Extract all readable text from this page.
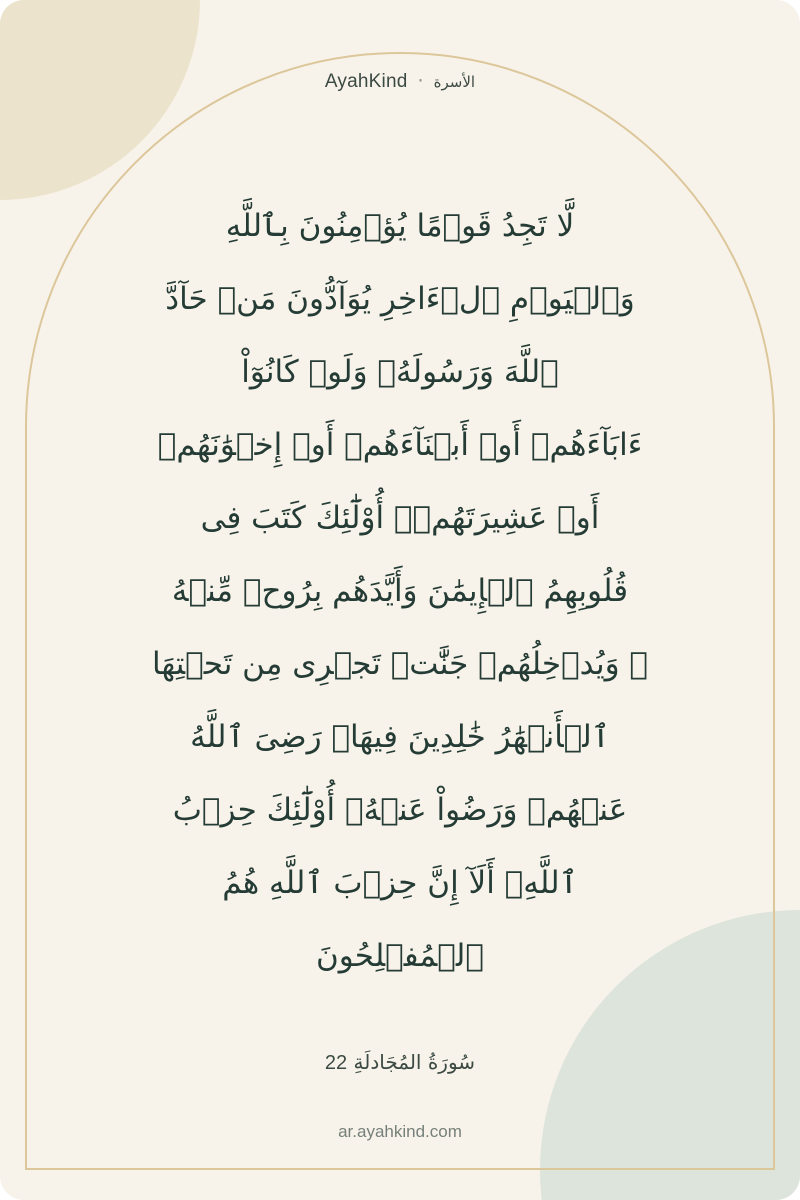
AyahKind · الأسرة
لَّا تَجِدُ قَوۡمًا يُؤۡمِنُونَ بِٱللَّهِ
وَٱلۡيَوۡمِ ٱلۡءَاخِرِ يُوَآدُّونَ مَنۡ حَآدَّ
ٱللَّهَ وَرَسُولَهُۥ وَلَوۡ كَانُوٓاْ
ءَابَآءَهُمۡ أَوۡ أَبۡنَآءَهُمۡ أَوۡ إِخۡوَٰنَهُمۡ
أَوۡ عَشِيرَتَهُمۡۚ أُوْلَٰٓئِكَ كَتَبَ فِى
قُلُوبِهِمُ ٱلۡإِيمَٰنَ وَأَيَّدَهُم بِرُوحٖ مِّنۡهُ
ۖ وَيُدۡخِلُهُمۡ جَنَّٰتٖ تَجۡرِى مِن تَحۡتِهَا
ٱلۡأَنۡهَٰرُ خَٰلِدِينَ فِيهَاۚ رَضِىَ ٱللَّهُ
عَنۡهُمۡ وَرَضُواْ عَنۡهُۚ أُوْلَٰٓئِكَ حِزۡبُ
ٱللَّهِۚ أَلَآ إِنَّ حِزۡبَ ٱللَّهِ هُمُ
ٱلۡمُفۡلِحُونَ
سُورَةُ المُجَادلَةِ 22
ar.ayahkind.com
